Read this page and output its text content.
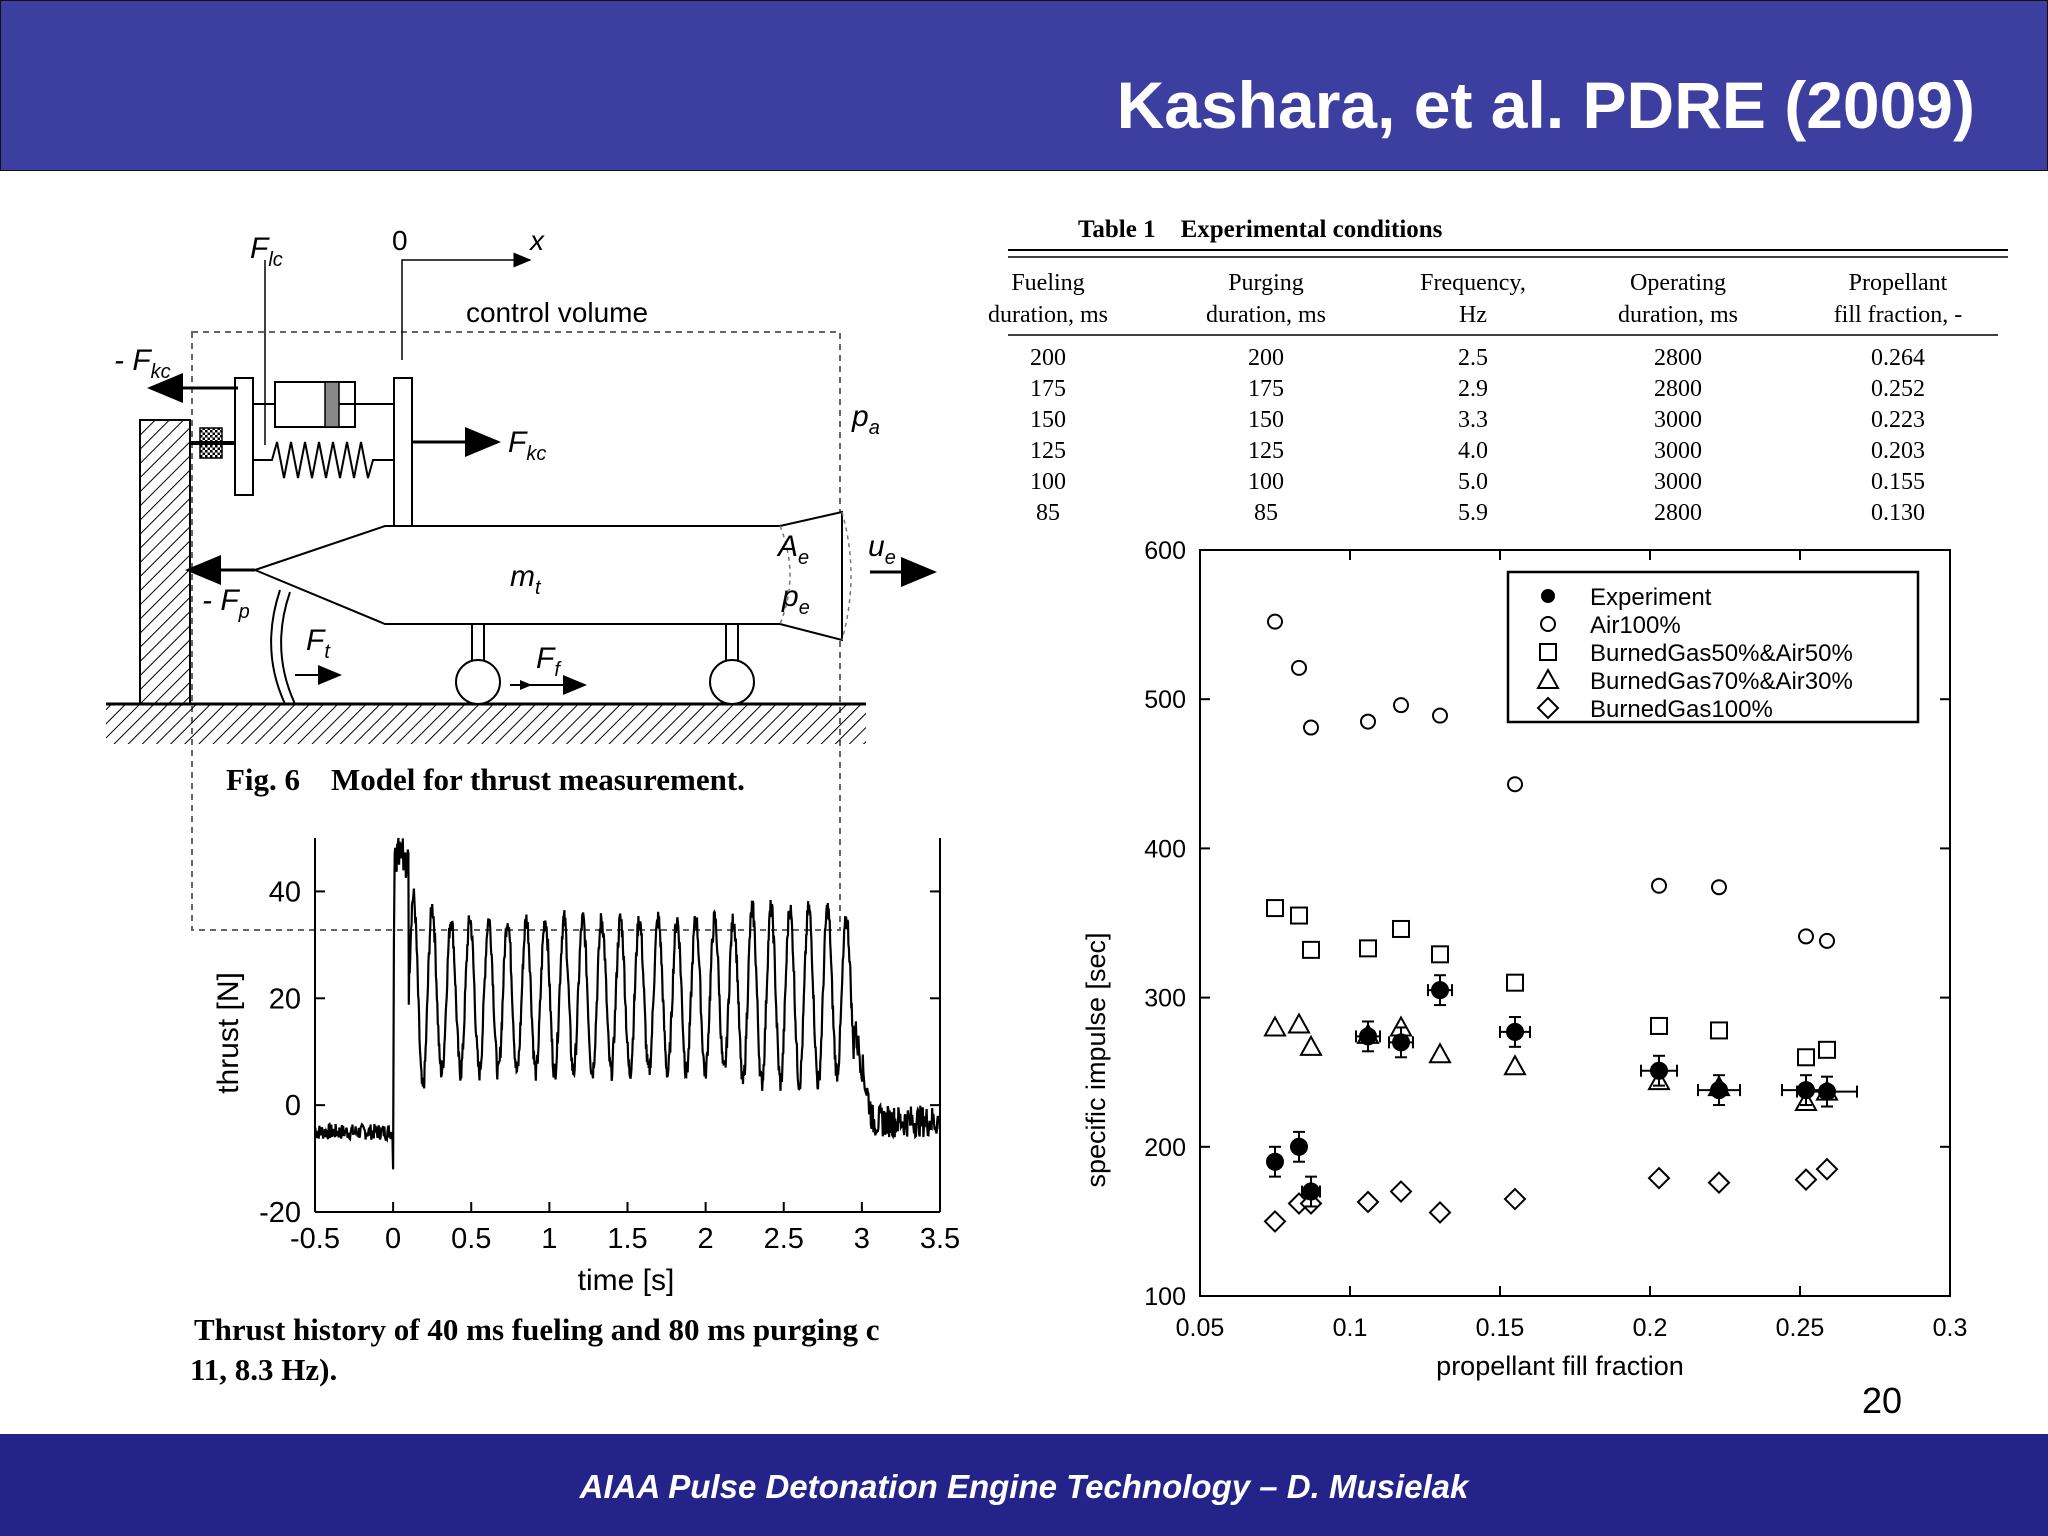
Kashara, et al. PDRE (2009)
$F_{lc}$
0	x
control volume
- $F_{kc}$
$F_{kc}$
$p_a$
$A_e$ $u_e$
$m_t$	$p_e$
- $F_p$
$F_t$	$F_f$
Fig. 6    Model for thrust measurement.
Table 1    Experimental conditions
Fueling
duration, ms
Purging
duration, ms
Frequency,
Hz
Operating
duration, ms
Propellant
fill fraction, -
200	200	2.5	2800	0.264
175	175	2.9	2800	0.252
150	150	3.3	3000	0.223
125	125	4.0	3000	0.203
100	100	5.0	3000	0.155
85	85	5.9	2800	0.130
-0.5 0 0.5 1 1.5 2 2.5 3 3.5
-20
0
20
40
time [s]
thrust [N]
Thrust history of 40 ms fueling and 80 ms purging c
11, 8.3 Hz).
0.05	0.1	0.15	0.2	0.25	0.3
100
200
300
400
500
600
Experiment
Air100%
BurnedGas50%&Air50%
BurnedGas70%&Air30%
BurnedGas100%
propellant fill fraction
specific impulse [sec]
20
AIAA Pulse Detonation Engine Technology – D. Musielak
